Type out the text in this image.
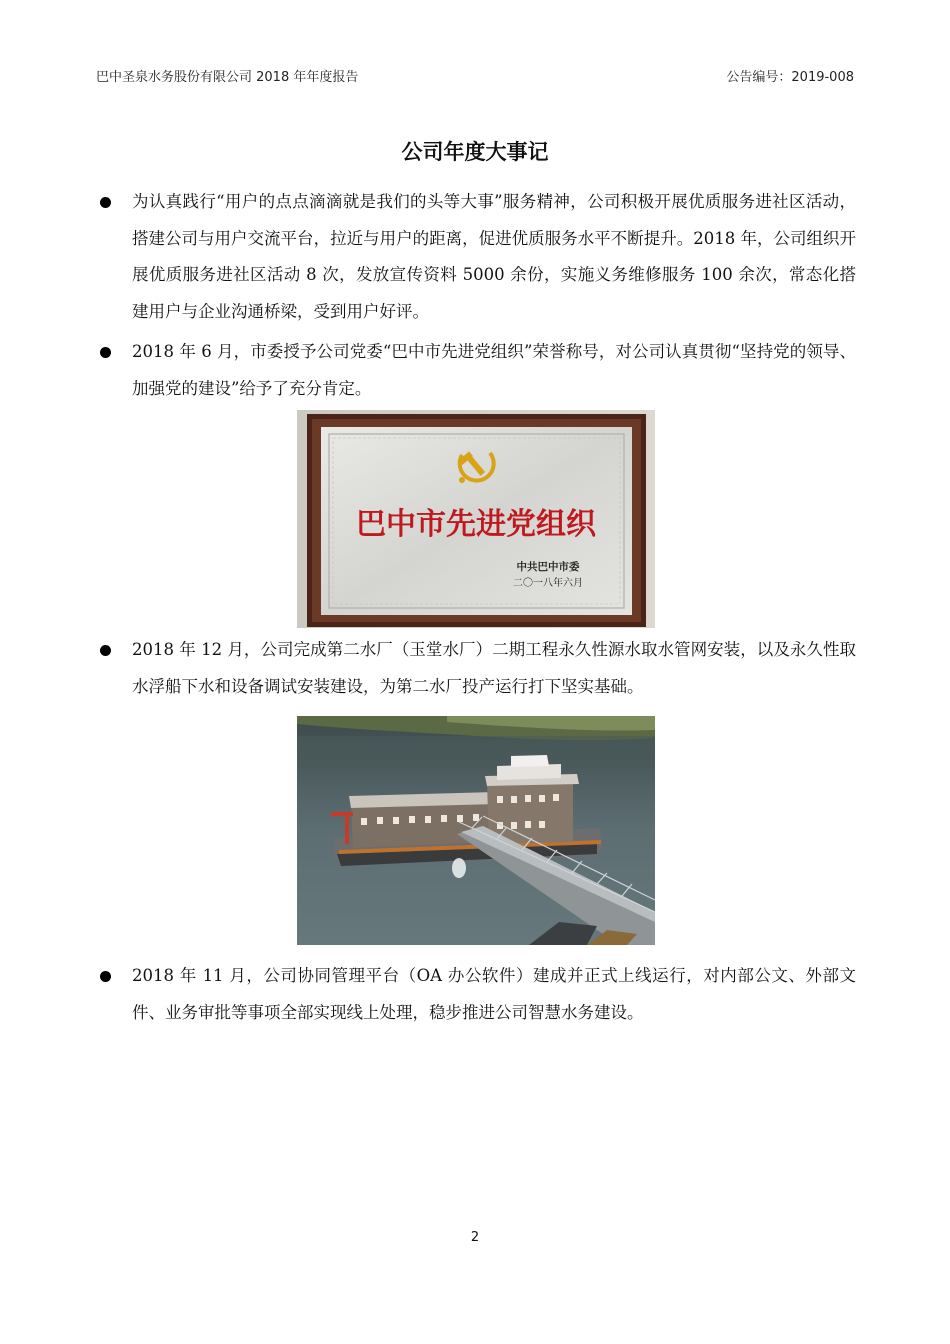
巴中圣泉水务股份有限公司 2018 年年度报告	公告编号：2019-008
公司年度大事记
为认真践行“用户的点点滴滴就是我们的头等大事”服务精神，公司积极开展优质服务进社区活动，搭建公司与用户交流平台，拉近与用户的距离，促进优质服务水平不断提升。2018 年，公司组织开展优质服务进社区活动 8 次，发放宣传资料 5000 余份，实施义务维修服务 100 余次，常态化搭建用户与企业沟通桥梁，受到用户好评。
2018 年 6 月，市委授予公司党委“巴中市先进党组织”荣誉称号，对公司认真贯彻“坚持党的领导、加强党的建设”给予了充分肯定。
巴中市先进党组织
中共巴中市委
二〇一八年六月
2018 年 12 月，公司完成第二水厂（玉堂水厂）二期工程永久性源水取水管网安装，以及永久性取水浮船下水和设备调试安装建设，为第二水厂投产运行打下坚实基础。
2018 年 11 月，公司协同管理平台（OA 办公软件）建成并正式上线运行，对内部公文、外部文件、业务审批等事项全部实现线上处理，稳步推进公司智慧水务建设。
2
